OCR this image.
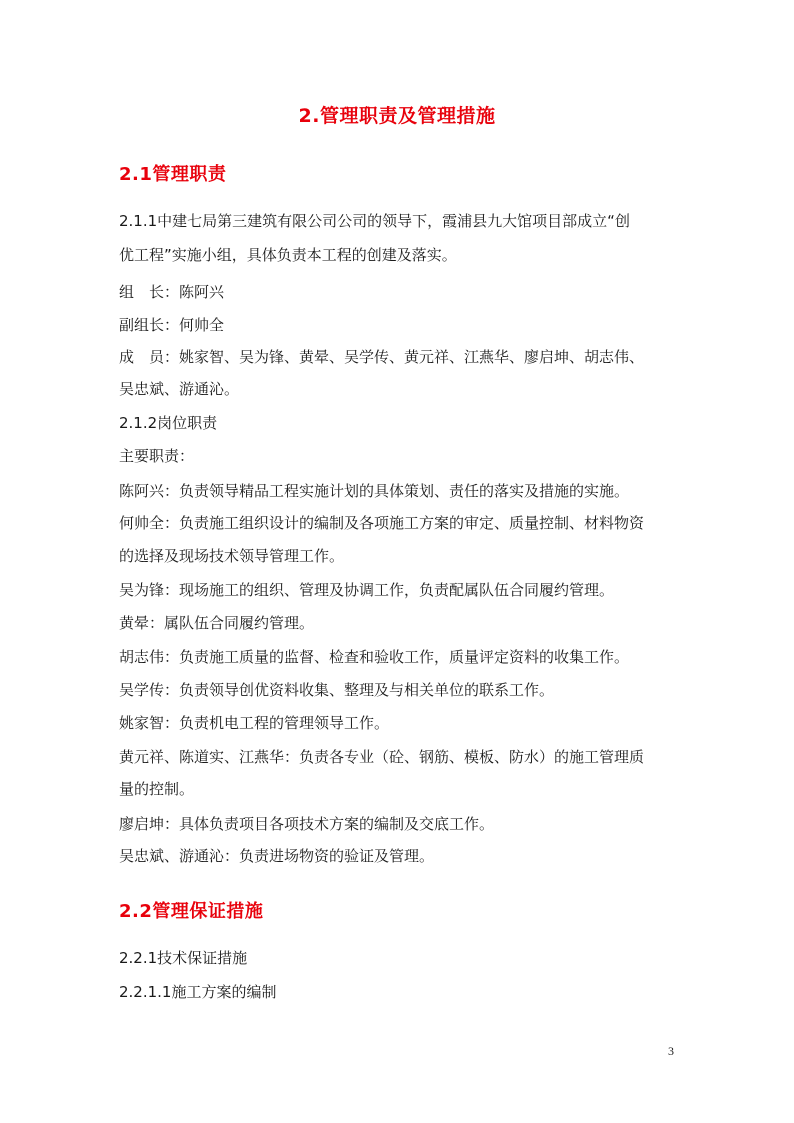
2.管理职责及管理措施
2.1管理职责
2.1.1中建七局第三建筑有限公司公司的领导下，霞浦县九大馆项目部成立“创
优工程”实施小组，具体负责本工程的创建及落实。
组　长：陈阿兴
副组长：何帅全
成　员：姚家智、吴为锋、黄晕、吴学传、黄元祥、江燕华、廖启坤、胡志伟、
吴忠斌、游通沁。
2.1.2岗位职责
主要职责：
陈阿兴：负责领导精品工程实施计划的具体策划、责任的落实及措施的实施。
何帅全：负责施工组织设计的编制及各项施工方案的审定、质量控制、材料物资
的选择及现场技术领导管理工作。
吴为锋：现场施工的组织、管理及协调工作，负责配属队伍合同履约管理。
黄晕：属队伍合同履约管理。
胡志伟：负责施工质量的监督、检查和验收工作，质量评定资料的收集工作。
吴学传：负责领导创优资料收集、整理及与相关单位的联系工作。
姚家智：负责机电工程的管理领导工作。
黄元祥、陈道实、江燕华：负责各专业（砼、钢筋、模板、防水）的施工管理质
量的控制。
廖启坤：具体负责项目各项技术方案的编制及交底工作。
吴忠斌、游通沁：负责进场物资的验证及管理。
2.2管理保证措施
2.2.1技术保证措施
2.2.1.1施工方案的编制
3
